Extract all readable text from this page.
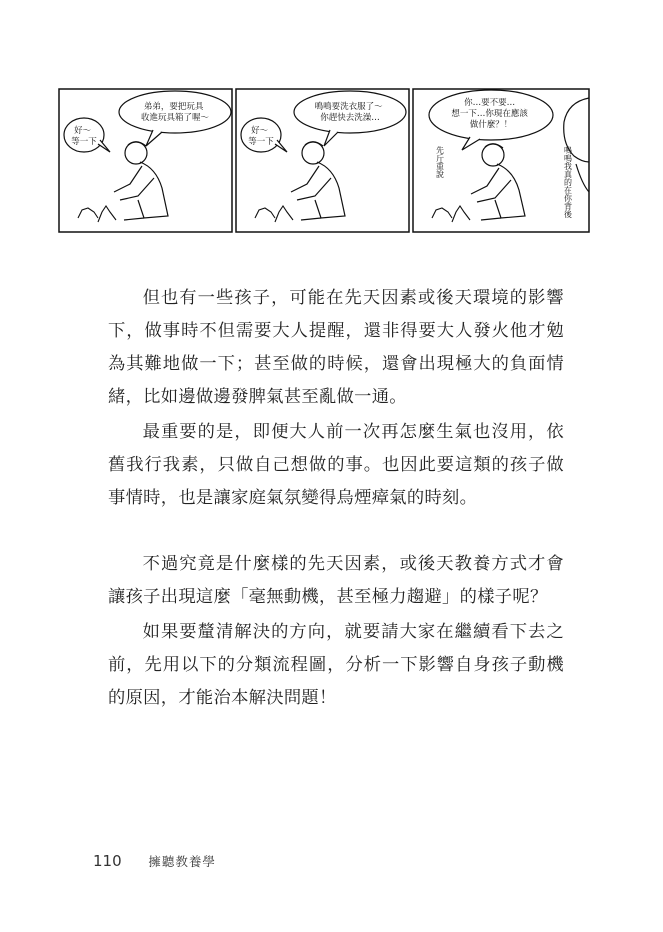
弟弟，要把玩具 收進玩具箱了喔～
好～ 等一下
鳴鳴要洗衣服了～ 你趕快去洗澡…
好～ 等一下
你…要不要… 想一下…你現在應該 做什麼？！
先斤重說	鳴鳴我真的在你背後

但也有一些孩子，可能在先天因素或後天環境的影響下，做事時不但需要大人提醒，還非得要大人發火他才勉為其難地做一下；甚至做的時候，還會出現極大的負面情緒，比如邊做邊發脾氣甚至亂做一通。

最重要的是，即便大人前一次再怎麼生氣也沒用，依舊我行我素，只做自己想做的事。也因此要這類的孩子做事情時，也是讓家庭氣氛變得烏煙瘴氣的時刻。

不過究竟是什麼樣的先天因素，或後天教養方式才會讓孩子出現這麼「毫無動機，甚至極力趨避」的樣子呢？

如果要釐清解決的方向，就要請大家在繼續看下去之前，先用以下的分類流程圖，分析一下影響自身孩子動機的原因，才能治本解決問題！

110 擁聽教養學
